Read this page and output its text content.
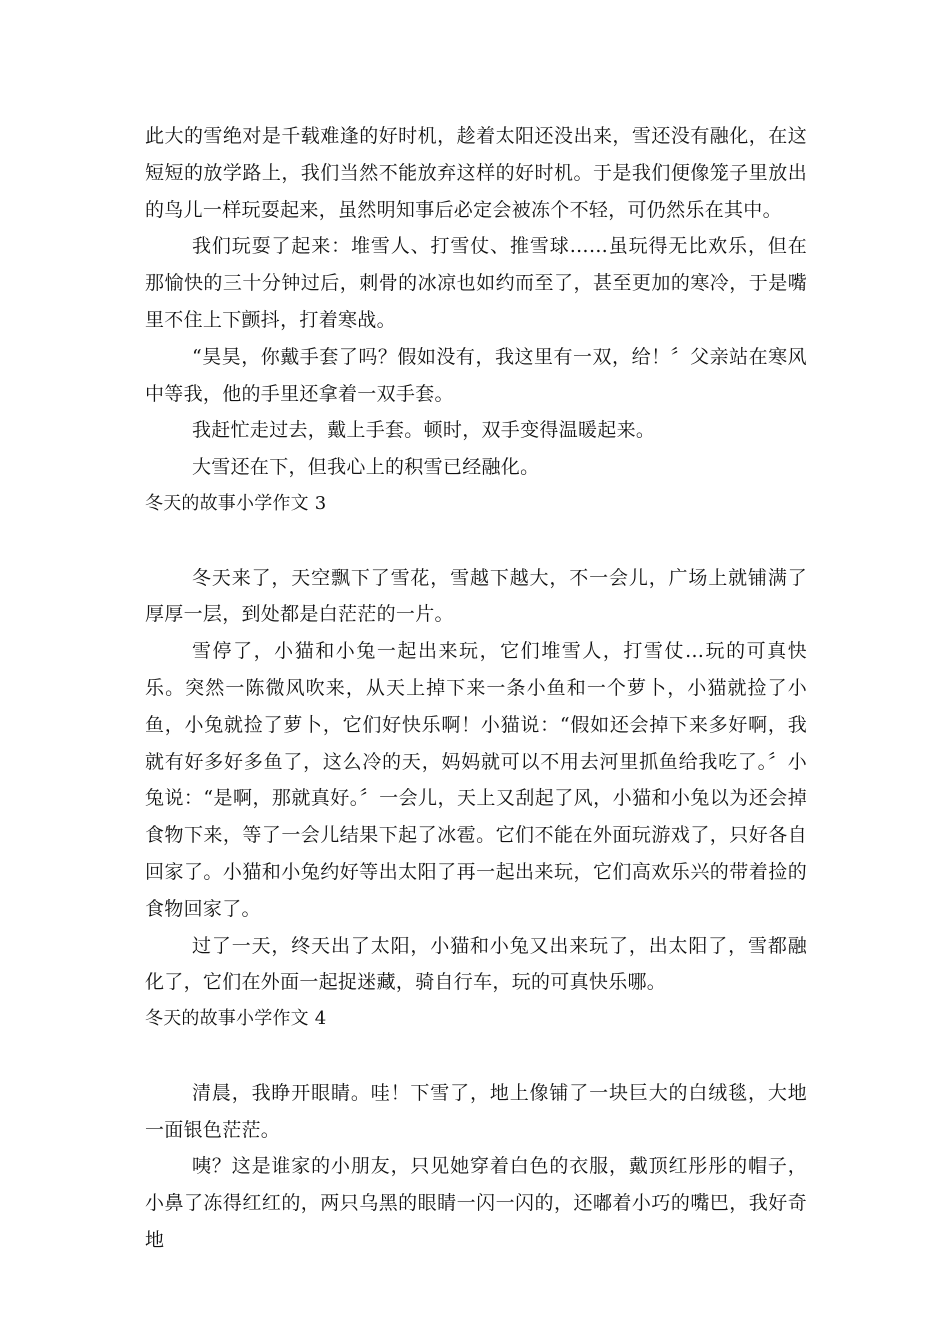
此大的雪绝对是千载难逢的好时机，趁着太阳还没出来，雪还没有融化，在这短短的放学路上，我们当然不能放弃这样的好时机。于是我们便像笼子里放出的鸟儿一样玩耍起来，虽然明知事后必定会被冻个不轻，可仍然乐在其中。

我们玩耍了起来：堆雪人、打雪仗、推雪球……虽玩得无比欢乐，但在那愉快的三十分钟过后，刺骨的冰凉也如约而至了，甚至更加的寒冷，于是嘴里不住上下颤抖，打着寒战。

“昊昊，你戴手套了吗？假如没有，我这里有一双，给！〞父亲站在寒风中等我，他的手里还拿着一双手套。

我赶忙走过去，戴上手套。顿时，双手变得温暖起来。

大雪还在下，但我心上的积雪已经融化。

冬天的故事小学作文 3

冬天来了，天空飘下了雪花，雪越下越大，不一会儿，广场上就铺满了厚厚一层，到处都是白茫茫的一片。

雪停了，小猫和小兔一起出来玩，它们堆雪人，打雪仗…玩的可真快乐。突然一陈微风吹来，从天上掉下来一条小鱼和一个萝卜，小猫就捡了小鱼，小兔就捡了萝卜，它们好快乐啊！小猫说：“假如还会掉下来多好啊，我就有好多好多鱼了，这么冷的天，妈妈就可以不用去河里抓鱼给我吃了。〞小兔说：“是啊，那就真好。〞一会儿，天上又刮起了风，小猫和小兔以为还会掉食物下来，等了一会儿结果下起了冰雹。它们不能在外面玩游戏了，只好各自回家了。小猫和小兔约好等出太阳了再一起出来玩，它们高欢乐兴的带着捡的食物回家了。

过了一天，终天出了太阳，小猫和小兔又出来玩了，出太阳了，雪都融化了，它们在外面一起捉迷藏，骑自行车，玩的可真快乐哪。

冬天的故事小学作文 4

清晨，我睁开眼睛。哇！下雪了，地上像铺了一块巨大的白绒毯，大地一面银色茫茫。

咦？这是谁家的小朋友，只见她穿着白色的衣服，戴顶红彤彤的帽子，小鼻了冻得红红的，两只乌黑的眼睛一闪一闪的，还嘟着小巧的嘴巴，我好奇地
